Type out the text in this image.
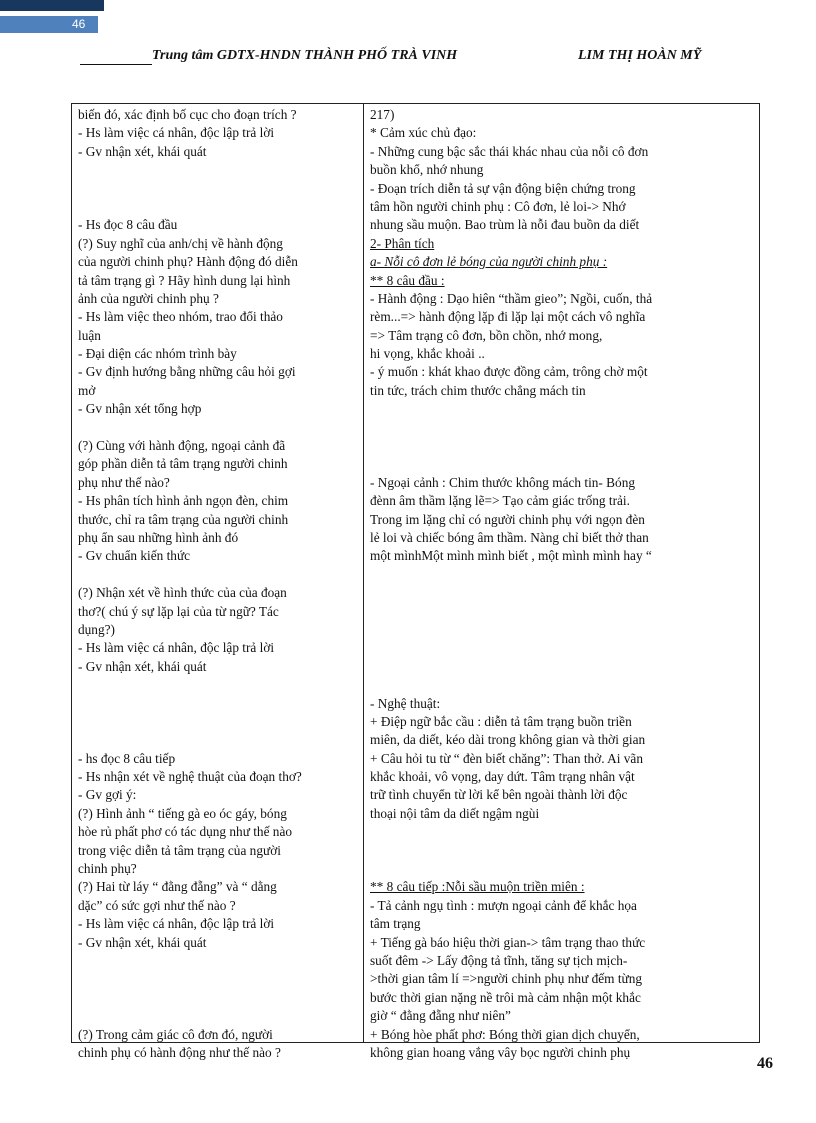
46
Trung tâm GDTX-HNDN THÀNH PHỐ TRÀ VINH	LIM THỊ HOÀN MỸ
biến đó, xác định bố cục cho đoạn trích ?
- Hs làm việc cá nhân, độc lập trả lời
- Gv nhận xét, khái quát

- Hs đọc 8 câu đầu
(?) Suy nghĩ của anh/chị về hành động
của người chinh phụ? Hành động đó diễn
tả tâm trạng gì ? Hãy hình dung lại hình
ảnh của người chinh phụ ?
- Hs làm việc theo nhóm, trao đổi thảo
luận
- Đại diện các nhóm trình bày
- Gv định hướng bằng những câu hỏi gợi
mở
- Gv nhận xét tổng hợp

(?) Cùng với hành động, ngoại cảnh đã
góp phần diễn tả tâm trạng người chinh
phụ như thế nào?
- Hs phân tích hình ảnh ngọn đèn, chim
thước, chỉ ra tâm trạng của người chinh
phụ ẩn sau những hình ảnh đó
- Gv chuẩn kiến thức

(?) Nhận xét về hình thức của của đoạn
thơ?( chú ý sự lặp lại của từ ngữ? Tác
dụng?)
- Hs làm việc cá nhân, độc lập trả lời
- Gv nhận xét, khái quát

- hs đọc 8 câu tiếp
- Hs nhận xét về nghệ thuật của đoạn thơ?
- Gv gợi ý:
(?) Hình ảnh “ tiếng gà eo óc gáy, bóng
hòe rủ phất phơ có tác dụng như thế nào
trong việc diễn tả tâm trạng của người
chinh phụ?
(?) Hai từ láy “ đằng đẵng” và “ dằng
dặc” có sức gợi như thế nào ?
- Hs làm việc cá nhân, độc lập trả lời
- Gv nhận xét, khái quát

(?) Trong cảm giác cô đơn đó, người
chinh phụ có hành động như thế nào ?
217)
* Cảm xúc chủ đạo:
- Những cung bậc sắc thái khác nhau của nỗi cô đơn
buồn khổ, nhớ nhung
- Đoạn trích diễn tả sự vận động biện chứng trong
tâm hồn người chinh phụ : Cô đơn, lẻ loi-> Nhớ
nhung sầu muộn. Bao trùm là nỗi đau buồn da diết
2- Phân tích
a- Nỗi cô đơn lẻ bóng của người chinh phụ :
** 8 câu đầu :
- Hành động : Dạo hiên “thầm gieo”; Ngồi, cuốn, thả
rèm...=> hành động lặp đi lặp lại một cách vô nghĩa
=> Tâm trạng cô đơn, bồn chồn, nhớ mong,
hi vọng, khắc khoải ..
- ý muốn : khát khao được đồng cảm, trông chờ một
tin tức, trách chim thước chẳng mách tin

- Ngoại cảnh : Chim thước không mách tin- Bóng
đènn âm thầm lặng lẽ=> Tạo cảm giác trống trải.
Trong im lặng chỉ có người chinh phụ với ngọn đèn
lẻ loi và chiếc bóng âm thầm. Nàng chỉ biết thở than
một mìnhMột mình mình biết , một mình mình hay “

- Nghệ thuật:
+ Điệp ngữ bắc cầu : diễn tả tâm trạng buồn triền
miên, da diết, kéo dài trong không gian và thời gian
+ Câu hỏi tu từ “ đèn biết chăng”: Than thở. Ai vãn
khắc khoải, vô vọng, day dứt. Tâm trạng nhân vật
trữ tình chuyển từ lời kể bên ngoài thành lời độc
thoại nội tâm da diết ngậm ngùi

** 8 câu tiếp :Nỗi sầu muộn triền miên :
- Tả cảnh ngụ tình : mượn ngoại cảnh để khắc họa
tâm trạng
+ Tiếng gà báo hiệu thời gian-> tâm trạng thao thức
suốt đêm -> Lấy động tả tĩnh, tăng sự tịch mịch-
>thời gian tâm lí =>người chinh phụ như đếm từng
bước thời gian nặng nề trôi mà cảm nhận một khắc
giờ “ đằng đẵng như niên”
+ Bóng hòe phất phơ: Bóng thời gian dịch chuyển,
không gian hoang vắng vây bọc người chinh phụ
46
